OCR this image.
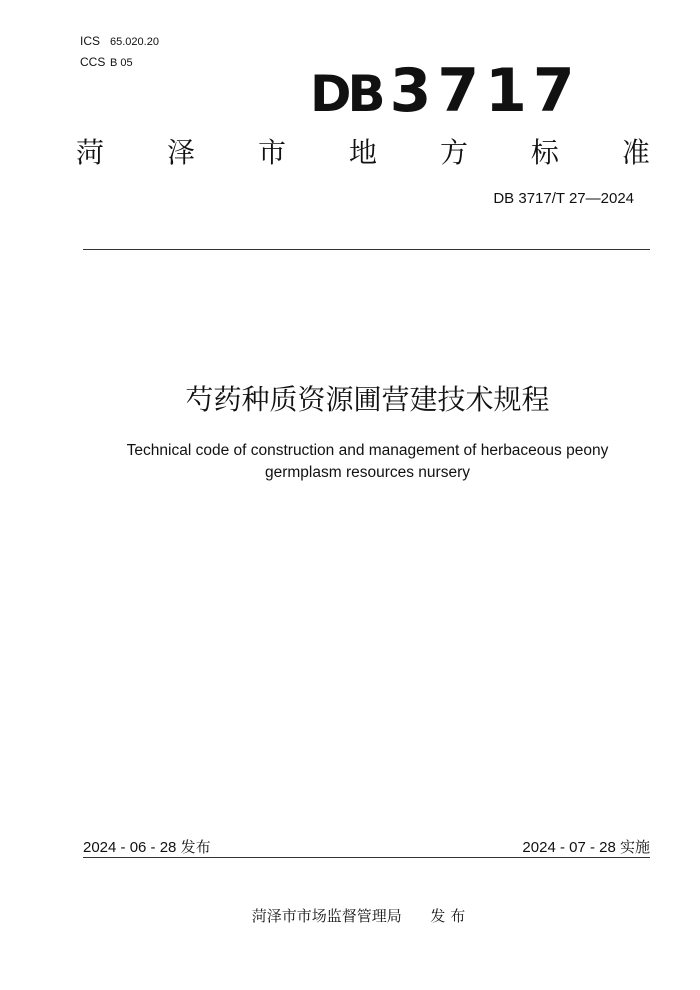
ICS 65.020.20
CCS B 05
DB 3717
菏 泽 市 地 方 标 准
DB 3717/T 27—2024
芍药种质资源圃营建技术规程
Technical code of construction and management of herbaceous peony
germplasm resources nursery
2024 - 06 - 28 发布	2024 - 07 - 28 实施
菏泽市市场监督管理局 发 布
